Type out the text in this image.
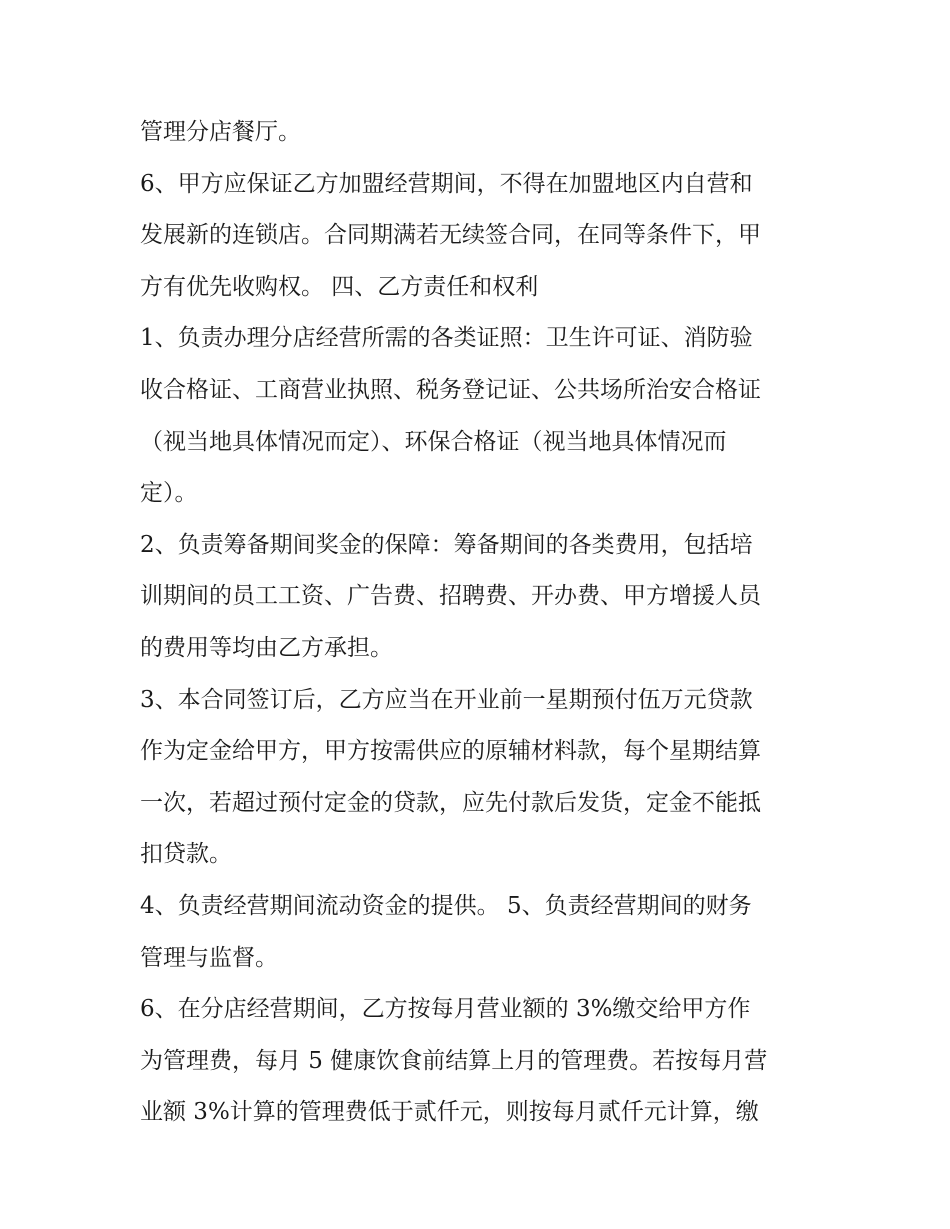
管理分店餐厅。
6、甲方应保证乙方加盟经营期间，不得在加盟地区内自营和
发展新的连锁店。合同期满若无续签合同，在同等条件下，甲
方有优先收购权。 四、乙方责任和权利
1、负责办理分店经营所需的各类证照：卫生许可证、消防验
收合格证、工商营业执照、税务登记证、公共场所治安合格证
（视当地具体情况而定）、环保合格证（视当地具体情况而
定）。
2、负责筹备期间奖金的保障：筹备期间的各类费用，包括培
训期间的员工工资、广告费、招聘费、开办费、甲方增援人员
的费用等均由乙方承担。
3、本合同签订后，乙方应当在开业前一星期预付伍万元贷款
作为定金给甲方，甲方按需供应的原辅材料款，每个星期结算
一次，若超过预付定金的贷款，应先付款后发货，定金不能抵
扣贷款。
4、负责经营期间流动资金的提供。 5、负责经营期间的财务
管理与监督。
6、在分店经营期间，乙方按每月营业额的 3%缴交给甲方作
为管理费，每月 5 健康饮食前结算上月的管理费。若按每月营
业额 3%计算的管理费低于贰仟元，则按每月贰仟元计算，缴
